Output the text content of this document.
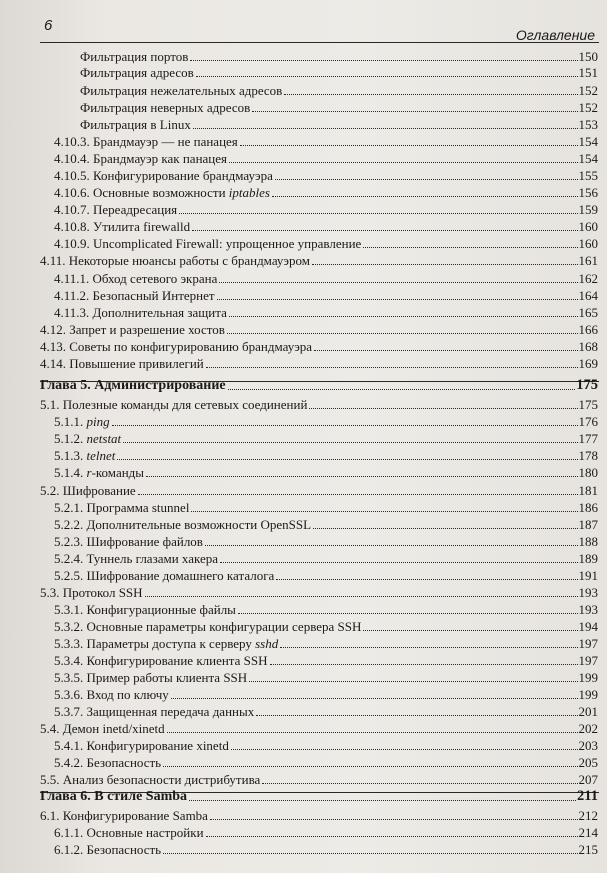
6
Оглавление
Фильтрация портов	150
Фильтрация адресов	151
Фильтрация нежелательных адресов	152
Фильтрация неверных адресов	152
Фильтрация в Linux	153
4.10.3. Брандмауэр — не панацея	154
4.10.4. Брандмауэр как панацея	154
4.10.5. Конфигурирование брандмауэра	155
4.10.6. Основные возможности iptables	156
4.10.7. Переадресация	159
4.10.8. Утилита firewalld	160
4.10.9. Uncomplicated Firewall: упрощенное управление	160
4.11. Некоторые нюансы работы с брандмауэром	161
4.11.1. Обход сетевого экрана	162
4.11.2. Безопасный Интернет	164
4.11.3. Дополнительная защита	165
4.12. Запрет и разрешение хостов	166
4.13. Советы по конфигурированию брандмауэра	168
4.14. Повышение привилегий	169
Глава 5. Администрирование	175
5.1. Полезные команды для сетевых соединений	175
5.1.1. ping	176
5.1.2. netstat	177
5.1.3. telnet	178
5.1.4. r-команды	180
5.2. Шифрование	181
5.2.1. Программа stunnel	186
5.2.2. Дополнительные возможности OpenSSL	187
5.2.3. Шифрование файлов	188
5.2.4. Туннель глазами хакера	189
5.2.5. Шифрование домашнего каталога	191
5.3. Протокол SSH	193
5.3.1. Конфигурационные файлы	193
5.3.2. Основные параметры конфигурации сервера SSH	194
5.3.3. Параметры доступа к серверу sshd	197
5.3.4. Конфигурирование клиента SSH	197
5.3.5. Пример работы клиента SSH	199
5.3.6. Вход по ключу	199
5.3.7. Защищенная передача данных	201
5.4. Демон inetd/xinetd	202
5.4.1. Конфигурирование xinetd	203
5.4.2. Безопасность	205
5.5. Анализ безопасности дистрибутива	207
Глава 6. В стиле Samba	211
6.1. Конфигурирование Samba	212
6.1.1. Основные настройки	214
6.1.2. Безопасность	215
